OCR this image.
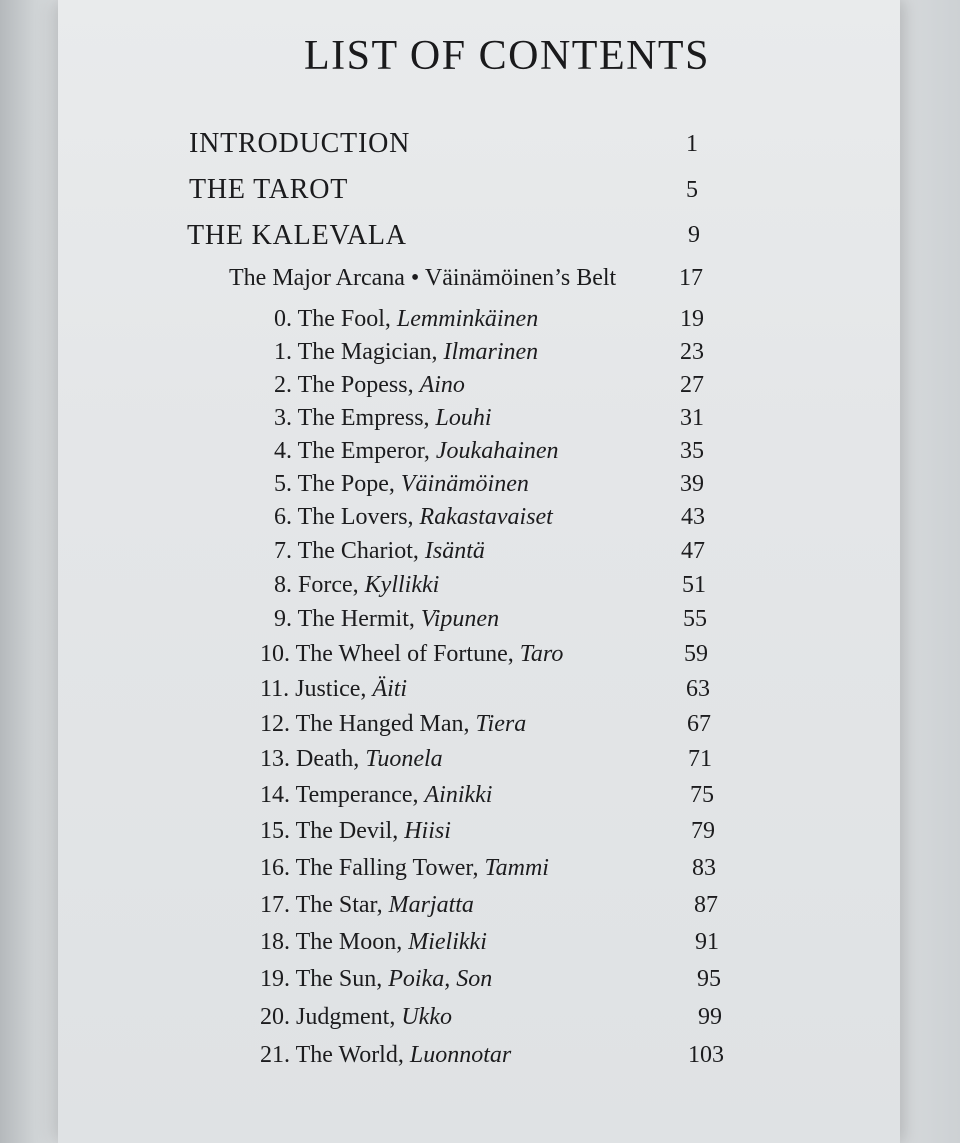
LIST OF CONTENTS
INTRODUCTION	1
THE TAROT	5
THE KALEVALA	9
The Major Arcana • Väinämöinen’s Belt	17
0. The Fool, Lemminkäinen	19
1. The Magician, Ilmarinen	23
2. The Popess, Aino	27
3. The Empress, Louhi	31
4. The Emperor, Joukahainen	35
5. The Pope, Väinämöinen	39
6. The Lovers, Rakastavaiset	43
7. The Chariot, Isäntä	47
8. Force, Kyllikki	51
9. The Hermit, Vipunen	55
10. The Wheel of Fortune, Taro	59
11. Justice, Äiti	63
12. The Hanged Man, Tiera	67
13. Death, Tuonela	71
14. Temperance, Ainikki	75
15. The Devil, Hiisi	79
16. The Falling Tower, Tammi	83
17. The Star, Marjatta	87
18. The Moon, Mielikki	91
19. The Sun, Poika, Son	95
20. Judgment, Ukko	99
21. The World, Luonnotar	103
